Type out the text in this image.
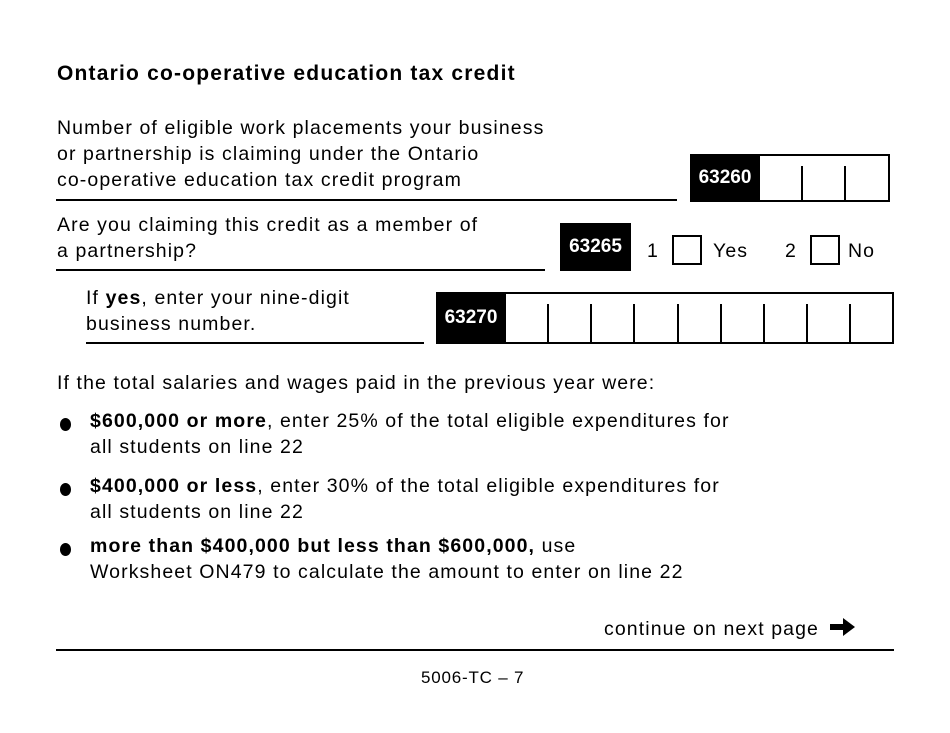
Ontario co-operative education tax credit
Number of eligible work placements your business
or partnership is claiming under the Ontario
co-operative education tax credit program	63260
Are you claiming this credit as a member of
a partnership?	63265	1	Yes 2	No
If yes, enter your nine-digit
business number.	63270
If the total salaries and wages paid in the previous year were:
$600,000 or more, enter 25% of the total eligible expenditures for
all students on line 22
$400,000 or less, enter 30% of the total eligible expenditures for
all students on line 22
more than $400,000 but less than $600,000, use
Worksheet ON479 to calculate the amount to enter on line 22
continue on next page
5006-TC – 7
